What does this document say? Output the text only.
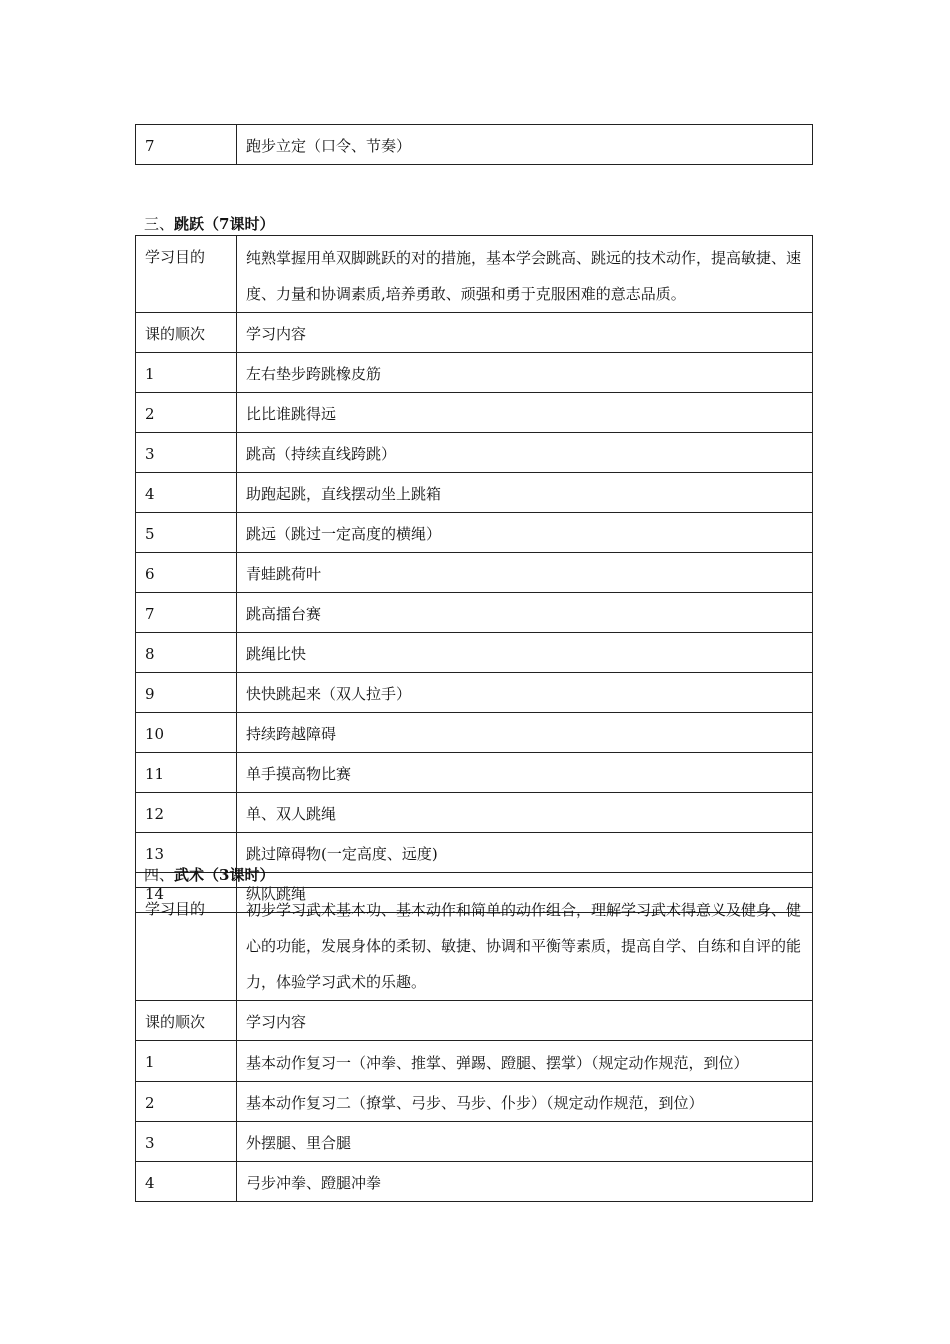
7	跑步立定（口令、节奏）
三、跳跃（7课时）
学习目的	纯熟掌握用单双脚跳跃的对的措施，基本学会跳高、跳远的技术动作，提高敏捷、速度、力量和协调素质,培养勇敢、顽强和勇于克服困难的意志品质。
课的顺次	学习内容
1	左右垫步跨跳橡皮筋
2	比比谁跳得远
3	跳高（持续直线跨跳）
4	助跑起跳，直线摆动坐上跳箱
5	跳远（跳过一定高度的横绳）
6	青蛙跳荷叶
7	跳高擂台赛
8	跳绳比快
9	快快跳起来（双人拉手）
10	持续跨越障碍
11	单手摸高物比赛
12	单、双人跳绳
13	跳过障碍物(一定高度、远度)
14	纵队跳绳
四、武术（3课时）
学习目的	初步学习武术基本功、基本动作和简单的动作组合，理解学习武术得意义及健身、健心的功能，发展身体的柔韧、敏捷、协调和平衡等素质，提高自学、自练和自评的能力，体验学习武术的乐趣。
课的顺次	学习内容
1	基本动作复习一（冲拳、推掌、弹踢、蹬腿、摆掌）（规定动作规范，到位）
2	基本动作复习二（撩掌、弓步、马步、仆步）（规定动作规范，到位）
3	外摆腿、里合腿
4	弓步冲拳、蹬腿冲拳
